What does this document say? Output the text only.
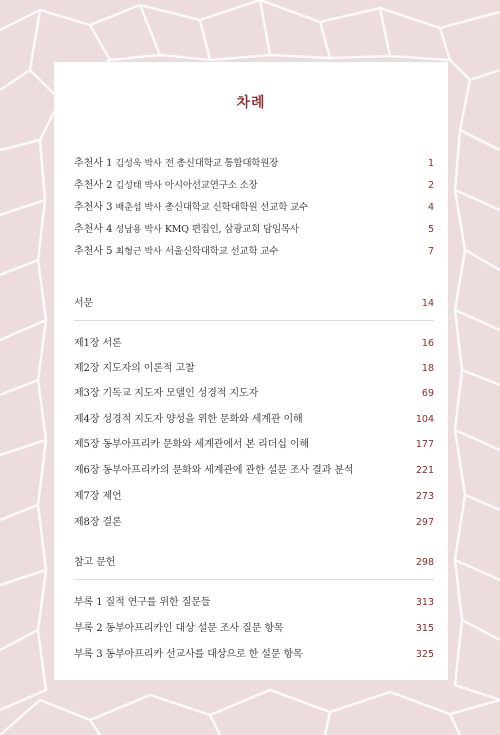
차례
추천사 1 김성욱 박사 전 총신대학교 통합대학원장	1
추천사 2 김성태 박사 아시아선교연구소 소장	2
추천사 3 배춘섭 박사 총신대학교 신학대학원 선교학 교수	4
추천사 4 성남용 박사 KMQ 편집인, 삼광교회 담임목사	5
추천사 5 최형근 박사 서울신학대학교 선교학 교수	7
서문	14
제1장 서론	16
제2장 지도자의 이론적 고찰	18
제3장 기독교 지도자 모델인 성경적 지도자	69
제4장 성경적 지도자 양성을 위한 문화와 세계관 이해	104
제5장 동부아프리카 문화와 세계관에서 본 리더십 이해	177
제6장 동부아프리카의 문화와 세계관에 관한 설문 조사 결과 분석	221
제7장 제언	273
제8장 결론	297
참고 문헌	298
부록 1 질적 연구를 위한 질문들	313
부록 2 동부아프리카인 대상 설문 조사 질문 항목	315
부록 3 동부아프리카 선교사를 대상으로 한 설문 항목	325
